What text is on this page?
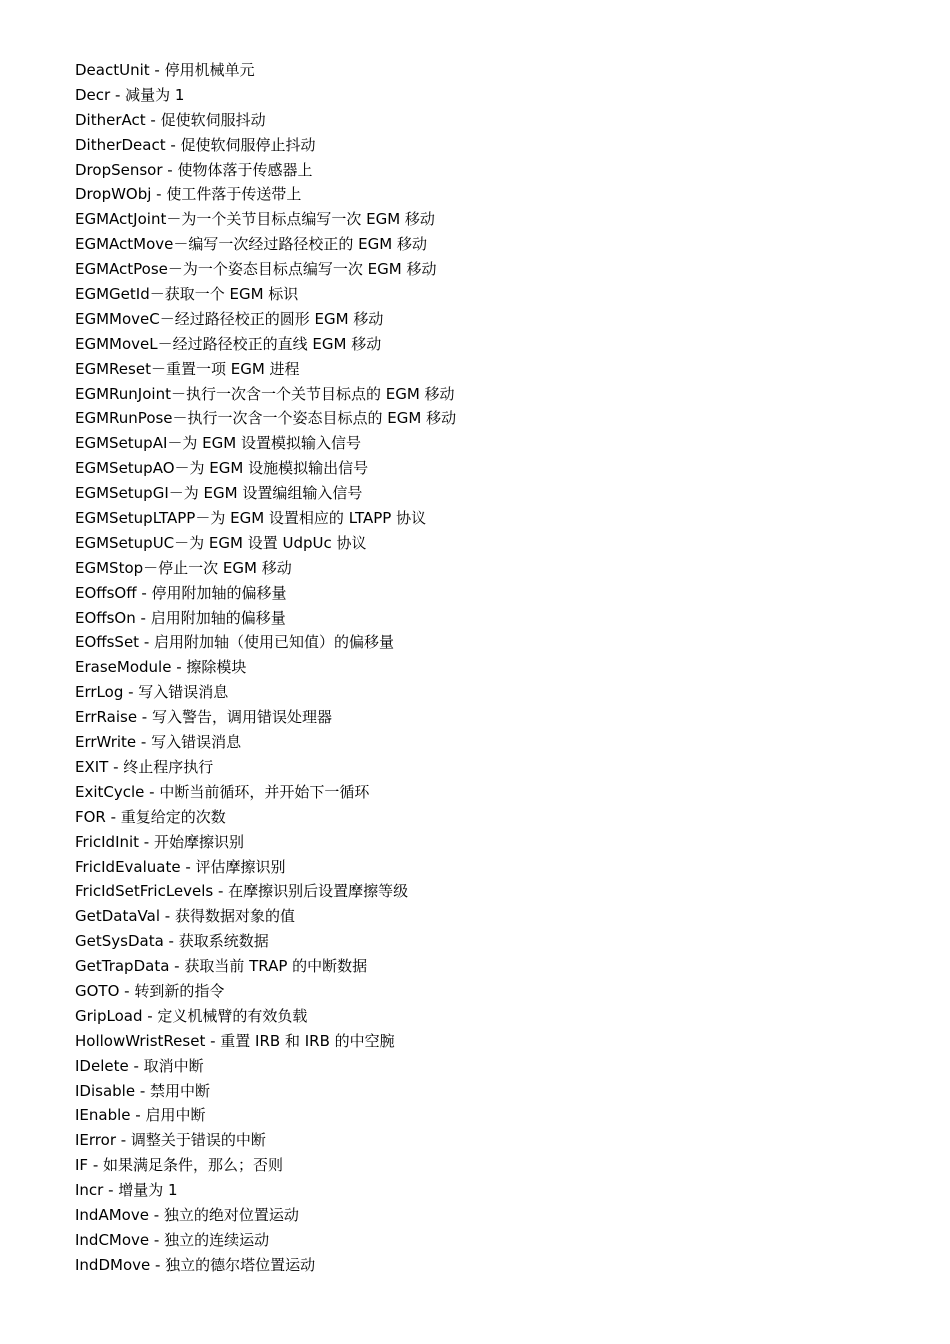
DeactUnit - 停用机械单元
Decr - 减量为 1
DitherAct - 促使软伺服抖动
DitherDeact - 促使软伺服停止抖动
DropSensor - 使物体落于传感器上
DropWObj - 使工件落于传送带上
EGMActJoint－为一个关节目标点编写一次 EGM 移动
EGMActMove－编写一次经过路径校正的 EGM 移动
EGMActPose－为一个姿态目标点编写一次 EGM 移动
EGMGetId－获取一个 EGM 标识
EGMMoveC－经过路径校正的圆形 EGM 移动
EGMMoveL－经过路径校正的直线 EGM 移动
EGMReset－重置一项 EGM 进程
EGMRunJoint－执行一次含一个关节目标点的 EGM 移动
EGMRunPose－执行一次含一个姿态目标点的 EGM 移动
EGMSetupAI－为 EGM 设置模拟输入信号
EGMSetupAO－为 EGM 设施模拟输出信号
EGMSetupGI－为 EGM 设置编组输入信号
EGMSetupLTAPP－为 EGM 设置相应的 LTAPP 协议
EGMSetupUC－为 EGM 设置 UdpUc 协议
EGMStop－停止一次 EGM 移动
EOffsOff - 停用附加轴的偏移量
EOffsOn - 启用附加轴的偏移量
EOffsSet - 启用附加轴（使用已知值）的偏移量
EraseModule - 擦除模块
ErrLog - 写入错误消息
ErrRaise - 写入警告，调用错误处理器
ErrWrite - 写入错误消息
EXIT - 终止程序执行
ExitCycle - 中断当前循环，并开始下一循环
FOR - 重复给定的次数
FricIdInit - 开始摩擦识别
FricIdEvaluate - 评估摩擦识别
FricIdSetFricLevels - 在摩擦识别后设置摩擦等级
GetDataVal - 获得数据对象的值
GetSysData - 获取系统数据
GetTrapData - 获取当前 TRAP 的中断数据
GOTO - 转到新的指令
GripLoad - 定义机械臂的有效负载
HollowWristReset - 重置 IRB 和 IRB 的中空腕
IDelete - 取消中断
IDisable - 禁用中断
IEnable - 启用中断
IError - 调整关于错误的中断
IF - 如果满足条件，那么；否则
Incr - 增量为 1
IndAMove - 独立的绝对位置运动
IndCMove - 独立的连续运动
IndDMove - 独立的德尔塔位置运动
